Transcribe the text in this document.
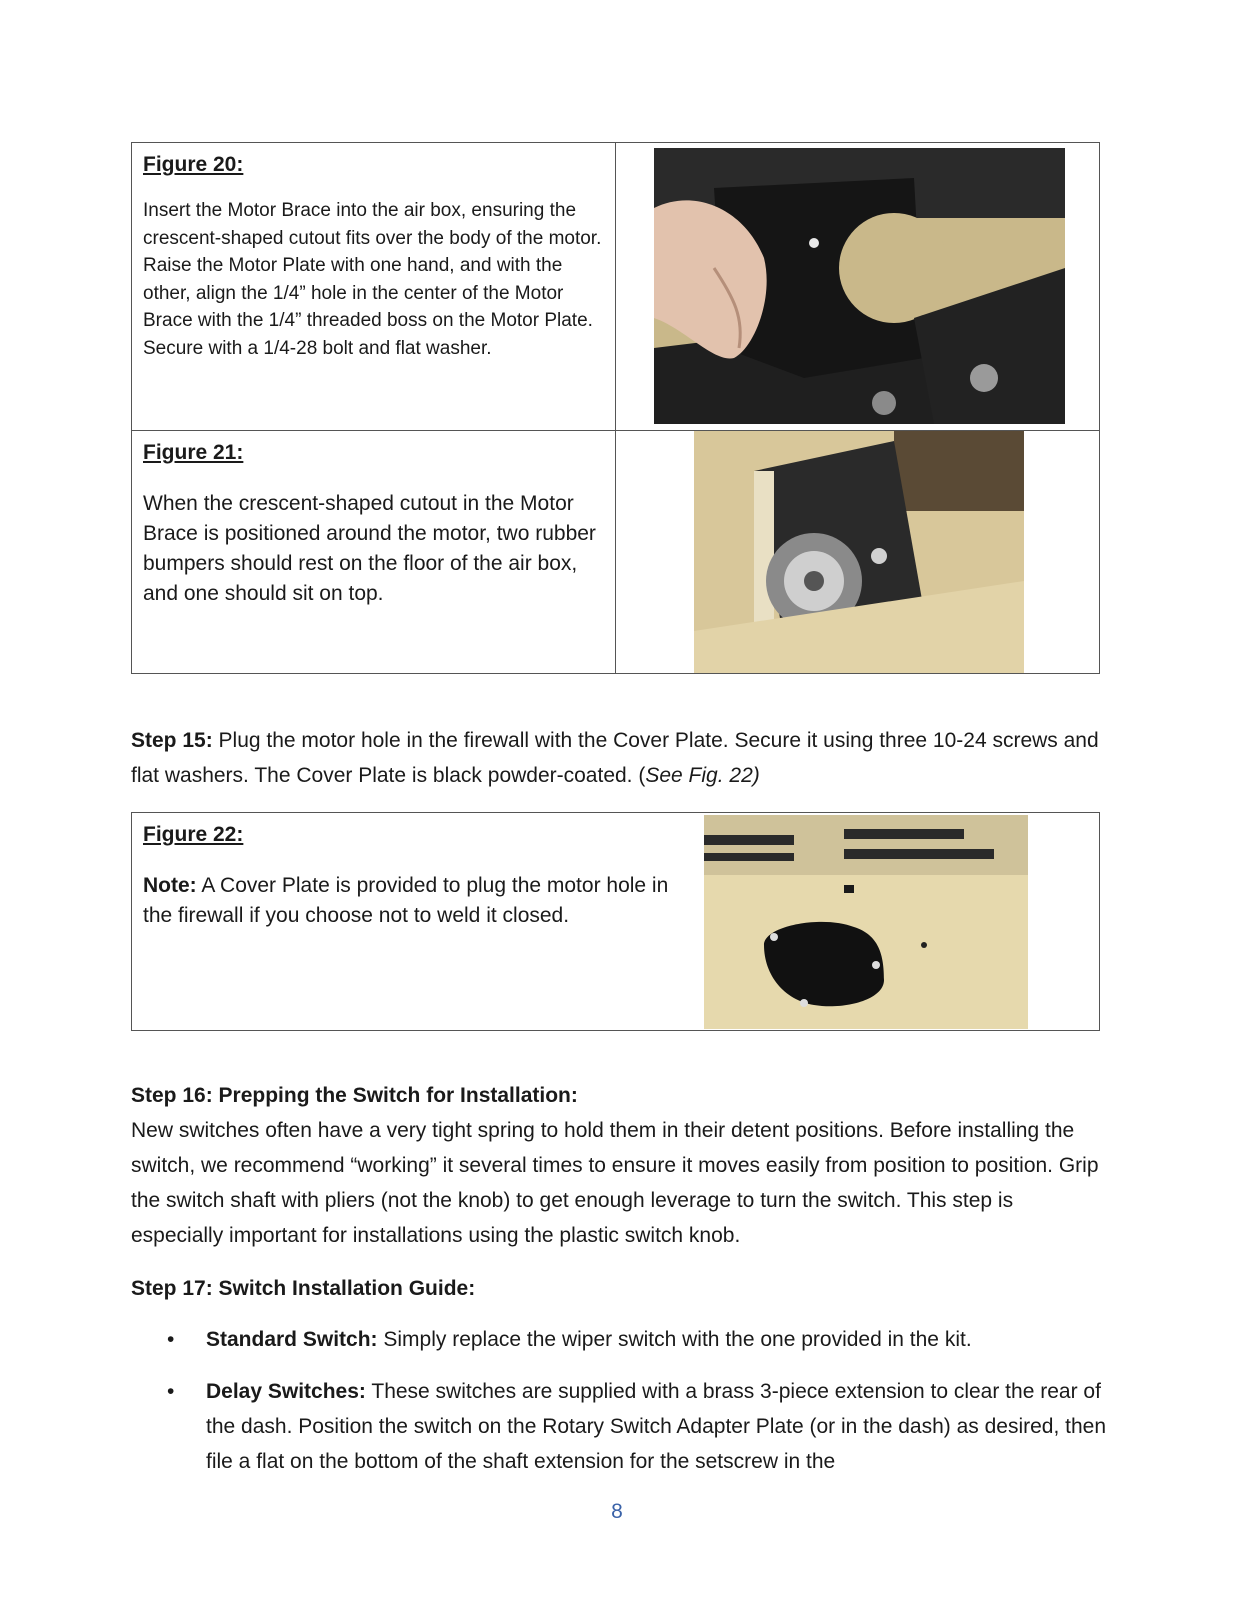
Figure 20:

Insert the Motor Brace into the air box, ensuring the crescent-shaped cutout fits over the body of the motor. Raise the Motor Plate with one hand, and with the other, align the 1/4” hole in the center of the Motor Brace with the 1/4” threaded boss on the Motor Plate. Secure with a 1/4-28 bolt and flat washer.

Figure 21:

When the crescent-shaped cutout in the Motor Brace is positioned around the motor, two rubber bumpers should rest on the floor of the air box, and one should sit on top.

Step 15: Plug the motor hole in the firewall with the Cover Plate. Secure it using three 10-24 screws and flat washers. The Cover Plate is black powder-coated. (See Fig. 22)
Figure 22:

Note: A Cover Plate is provided to plug the motor hole in the firewall if you choose not to weld it closed.

Step 16: Prepping the Switch for Installation:
New switches often have a very tight spring to hold them in their detent positions. Before installing the switch, we recommend “working” it several times to ensure it moves easily from position to position. Grip the switch shaft with pliers (not the knob) to get enough leverage to turn the switch. This step is especially important for installations using the plastic switch knob.
Step 17: Switch Installation Guide:
• Standard Switch: Simply replace the wiper switch with the one provided in the kit.
• Delay Switches: These switches are supplied with a brass 3-piece extension to clear the rear of the dash. Position the switch on the Rotary Switch Adapter Plate (or in the dash) as desired, then file a flat on the bottom of the shaft extension for the setscrew in the
8
